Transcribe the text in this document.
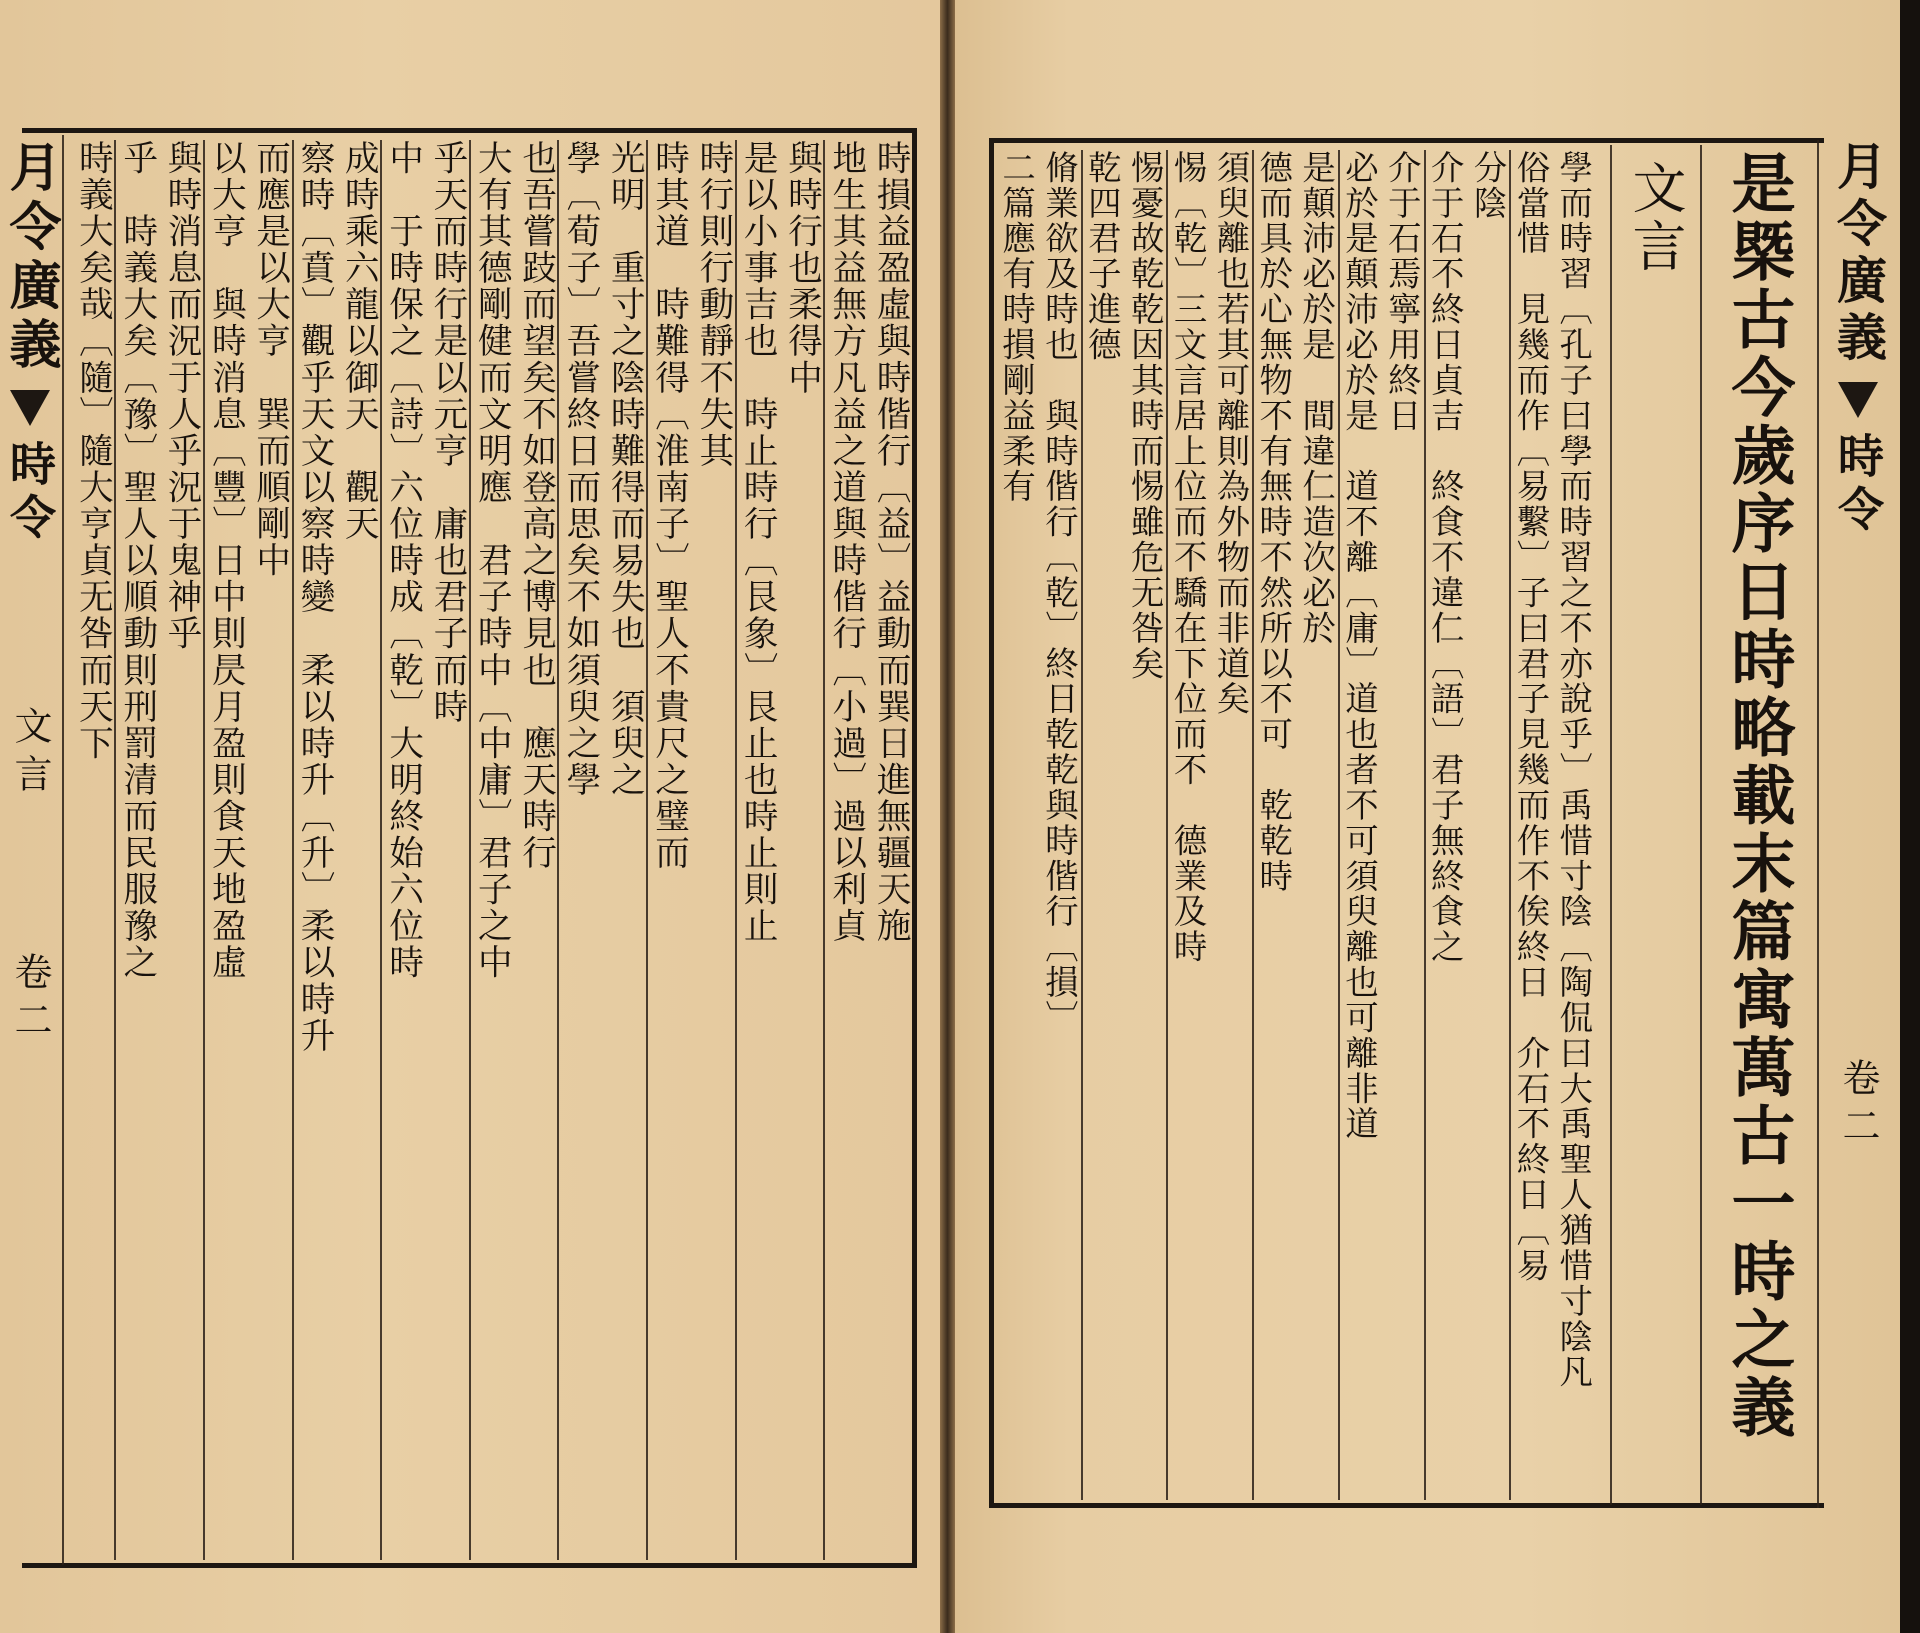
月令廣義
時令
文言
卷二
時損益盈虛與時偕行〔益〕益動而巽日進無疆天施
地生其益無方凡益之道與時偕行〔小過〕過以利貞
與時行也柔得中
是以小事吉也　時止時行〔艮象〕艮止也時止則止
時行則行動靜不失其
時其道　時難得〔淮南子〕聖人不貴尺之璧而
光明　重寸之陰時難得而易失也　須臾之
學〔荀子〕吾嘗終日而思矣不如須臾之學
也吾嘗跂而望矣不如登高之博見也　應天時行
大有其德剛健而文明應　君子時中〔中庸〕君子之中
乎天而時行是以元亨　庸也君子而時
中　于時保之〔詩〕六位時成〔乾〕大明終始六位時
成時乘六龍以御天　觀天
察時〔賁〕觀乎天文以察時變　柔以時升〔升〕柔以時升
而應是以大亨　巽而順剛中
以大亨　與時消息〔豐〕日中則昃月盈則食天地盈虛
與時消息而況于人乎況于鬼神乎
乎　時義大矣〔豫〕聖人以順動則刑罰清而民服豫之
時義大矣哉〔隨〕隨大亨貞无咎而天下	學而時習〔孔子曰學而時習之不亦說乎〕禹惜寸陰〔陶侃曰大禹聖人猶惜寸陰凡
俗當惜　見幾而作〔易繫〕子曰君子見幾而作不俟終日　介石不終日〔易
分陰
介于石不終日貞吉　終食不違仁〔語〕君子無終食之
介于石焉寧用終日
必於是顛沛必於是　道不離〔庸〕道也者不可須臾離也可離非道
是顛沛必於是　間違仁造次必於
德而具於心無物不有無時不然所以不可　乾乾時
須臾離也若其可離則為外物而非道矣
惕〔乾〕三文言居上位而不驕在下位而不　德業及時
惕憂故乾乾因其時而惕雖危无咎矣
乾四君子進德
脩業欲及時也　與時偕行〔乾〕終日乾乾與時偕行〔損〕
二篇應有時損剛益柔有	文言 是槩古今歲序日時略載末篇寓萬古一時之義 月令廣義
時令
卷二
